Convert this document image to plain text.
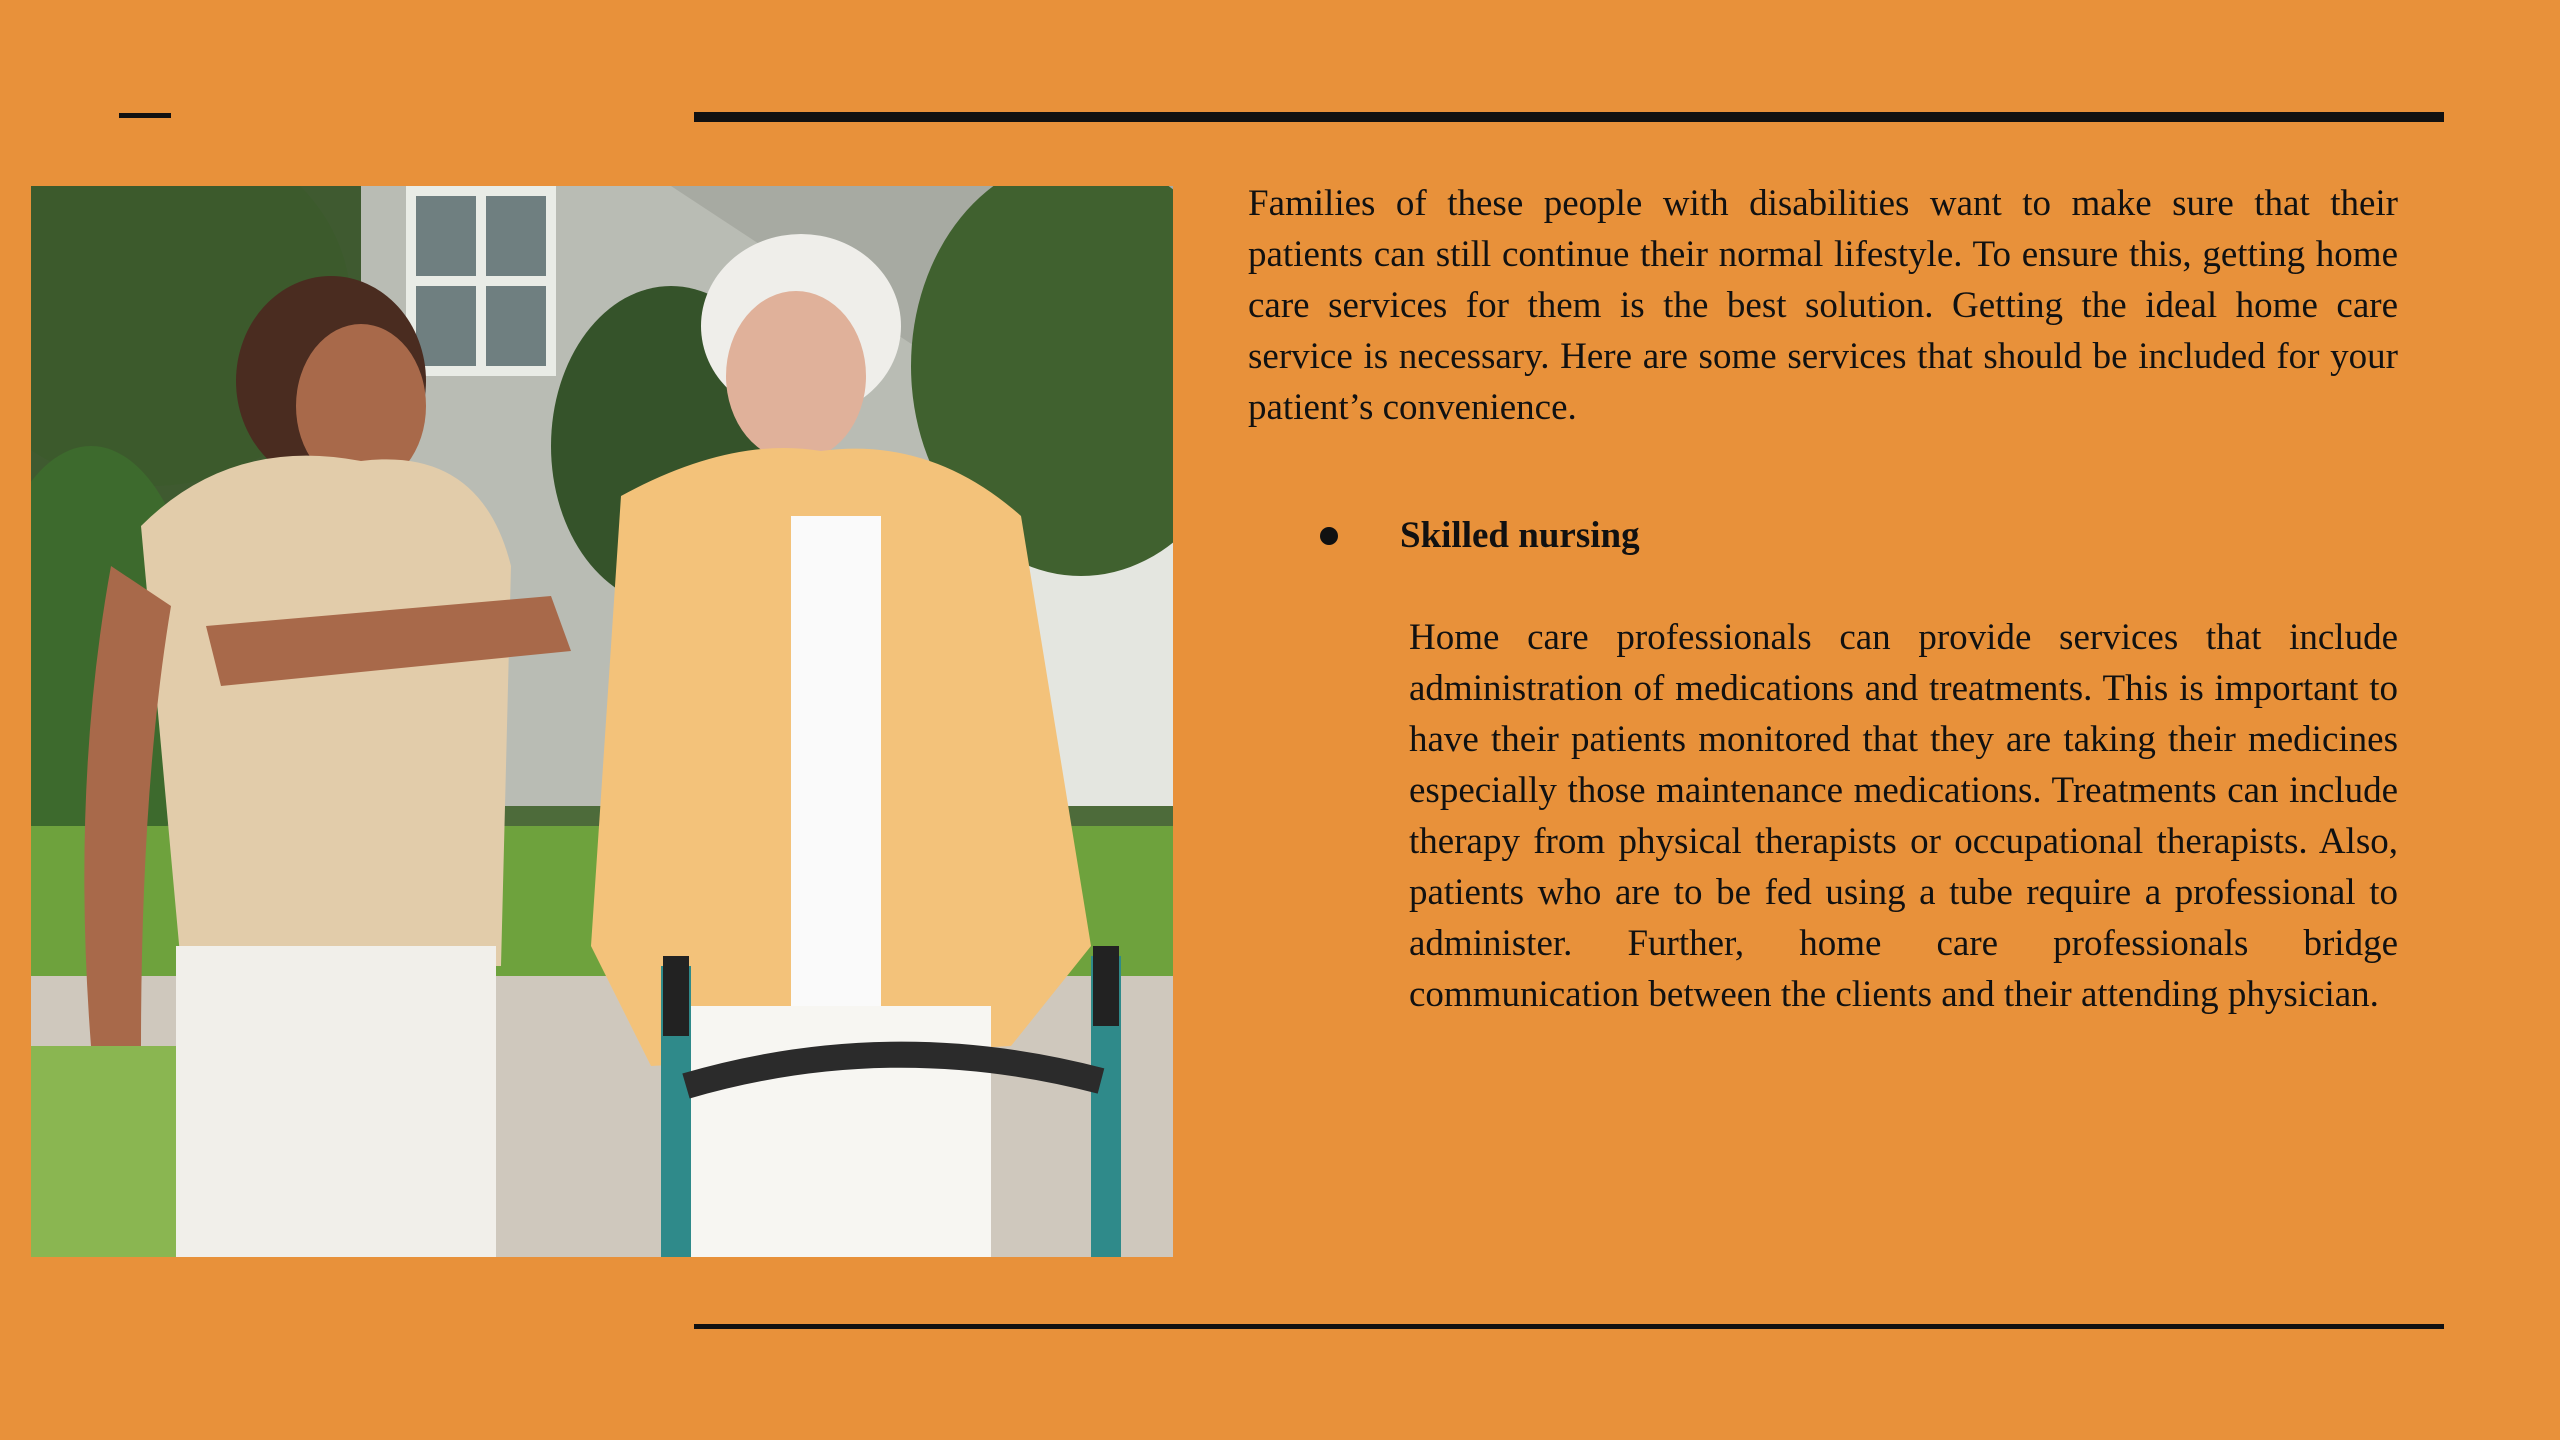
Families of these people with disabilities want to make sure that their patients can still continue their normal lifestyle. To ensure this, getting home care services for them is the best solution. Getting the ideal home care service is necessary. Here are some services that should be included for your patient’s convenience.

Skilled nursing

Home care professionals can provide services that include administration of medications and treatments. This is important to have their patients monitored that they are taking their medicines especially those maintenance medications. Treatments can include therapy from physical therapists or occupational therapists. Also, patients who are to be fed using a tube require a professional to administer. Further, home care professionals bridge communication between the clients and their attending physician.
